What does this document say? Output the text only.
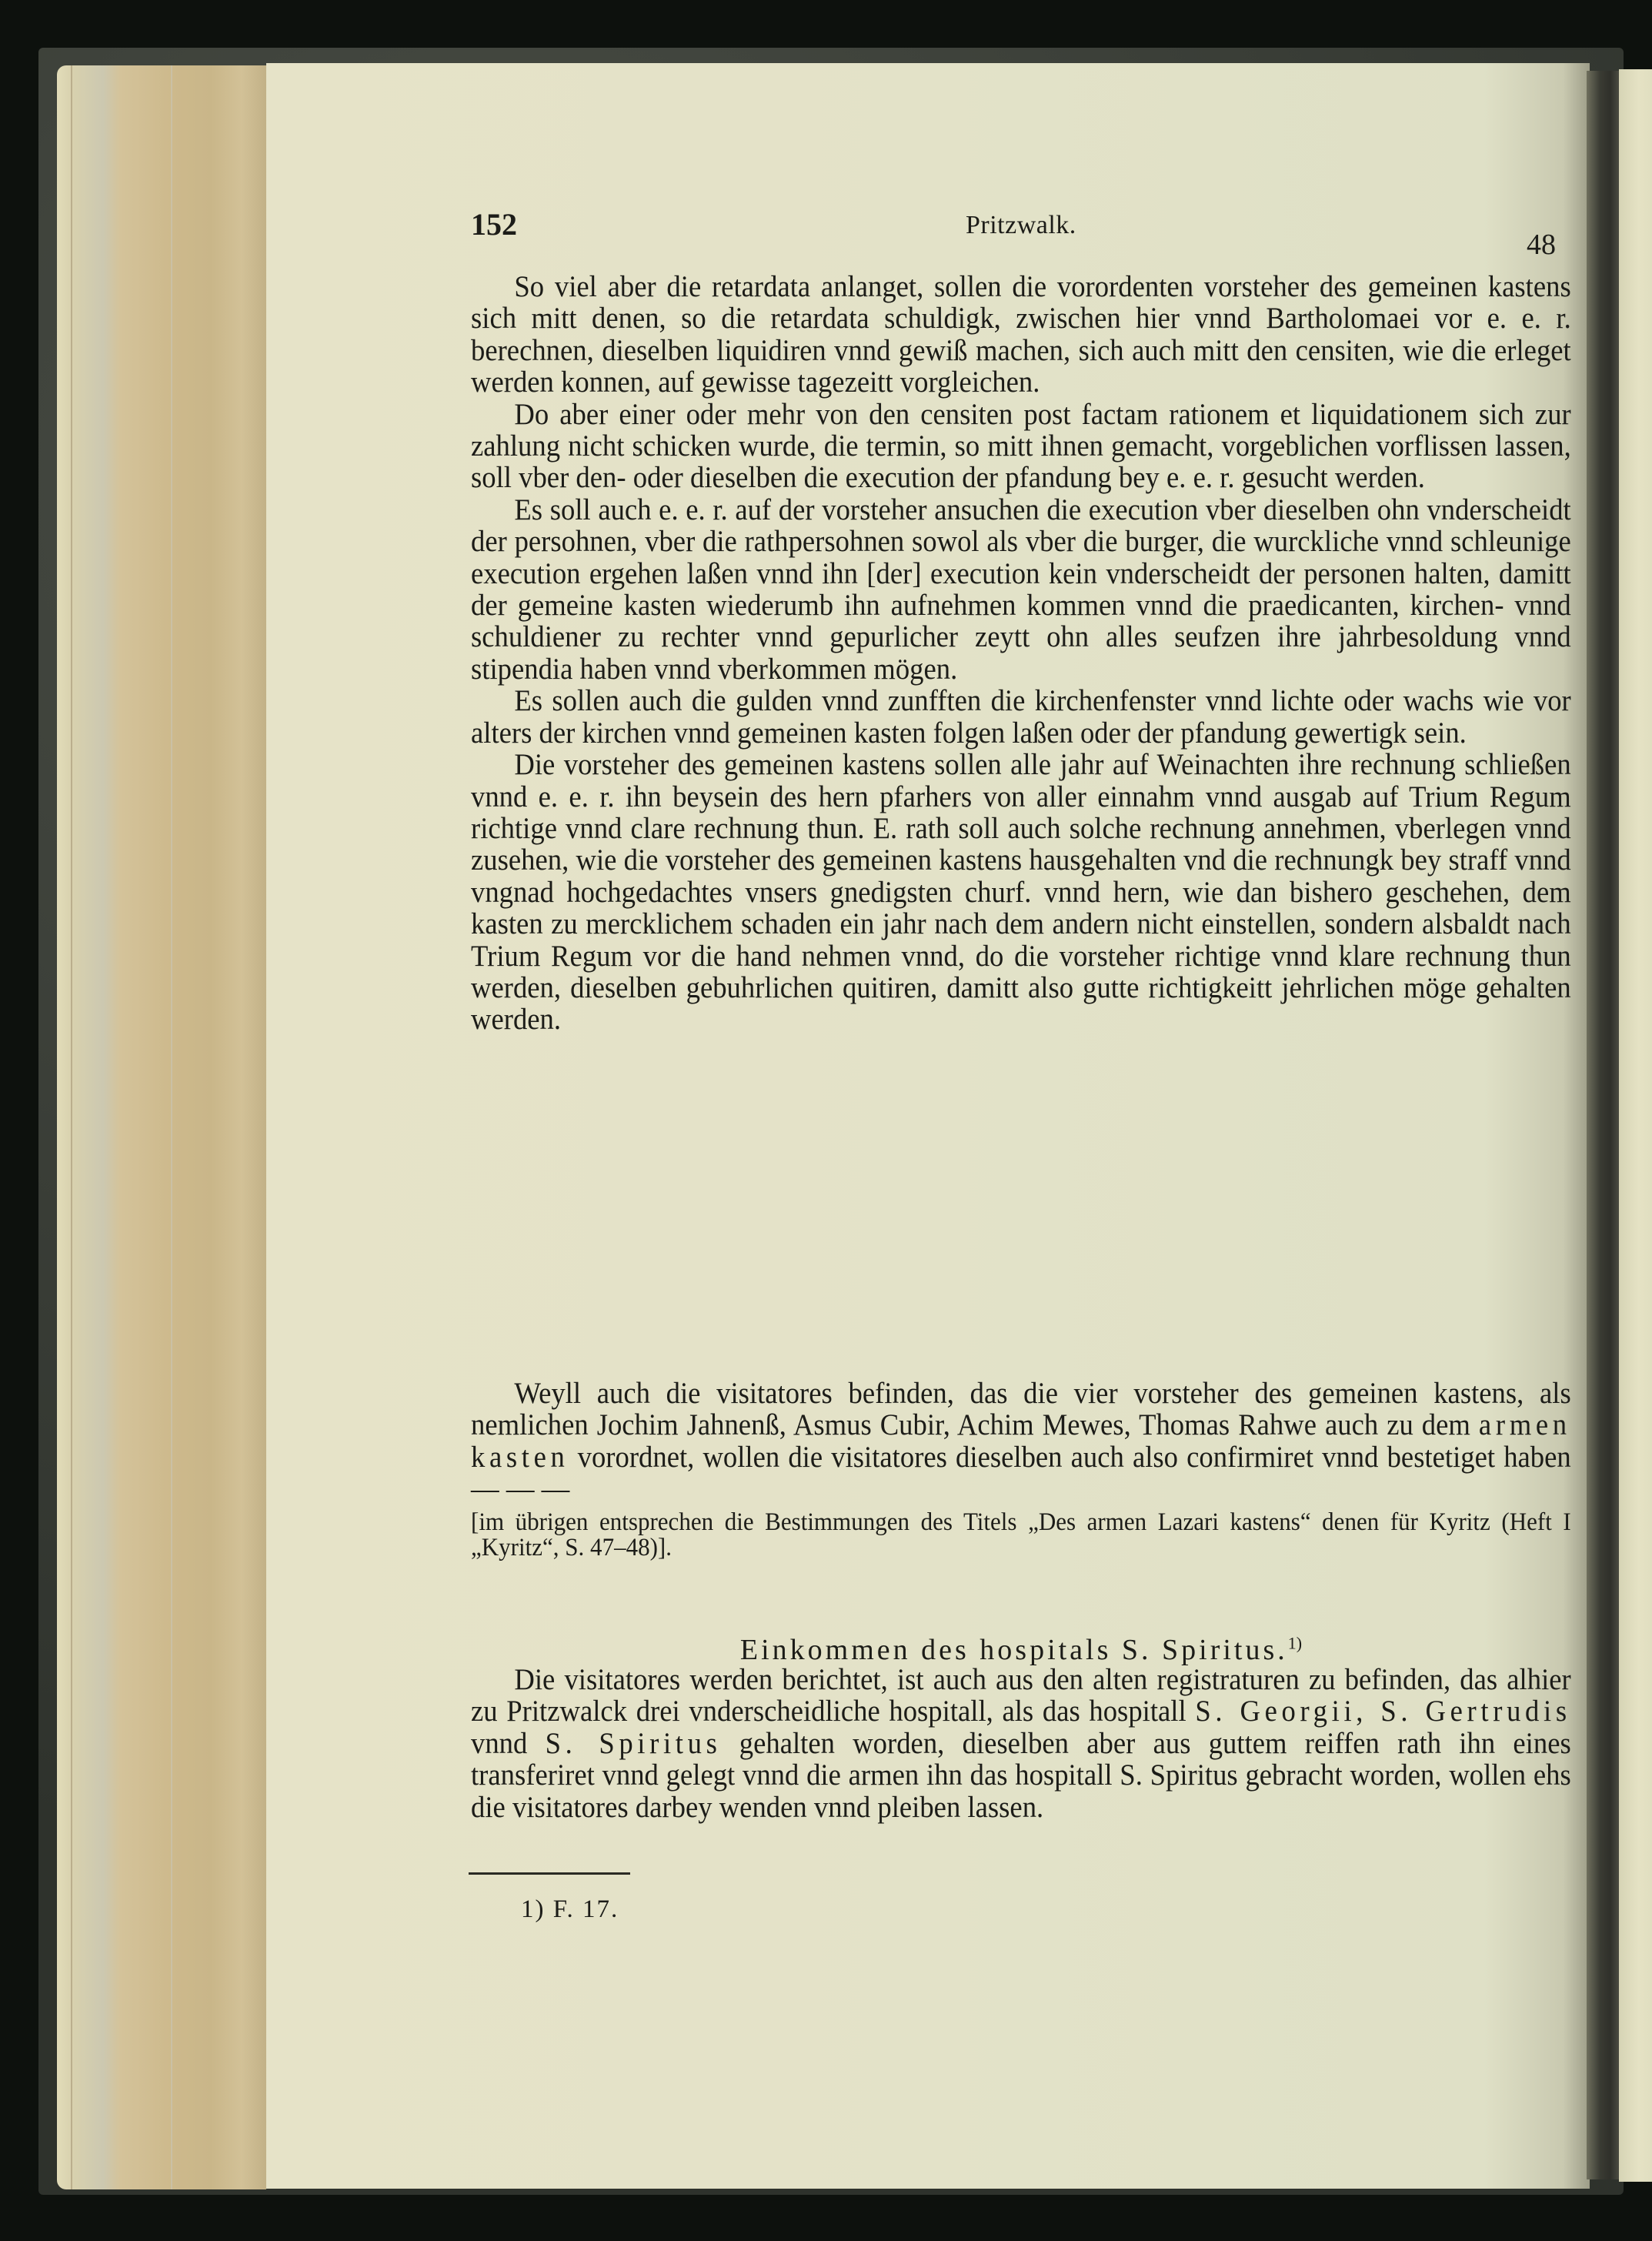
152	Pritzwalk.
48

So viel aber die retardata anlanget, sollen die vorordenten vorsteher des gemeinen kastens sich mitt denen, so die retardata schuldigk, zwischen hier vnnd Bartholomaei vor e. e. r. berechnen, dieselben liquidiren vnnd gewiß machen, sich auch mitt den censiten, wie die erleget werden konnen, auf gewisse tagezeitt vorgleichen.

Do aber einer oder mehr von den censiten post factam rationem et liquidationem sich zur zahlung nicht schicken wurde, die termin, so mitt ihnen gemacht, vorgeblichen vorflissen lassen, soll vber den- oder dieselben die execution der pfandung bey e. e. r. gesucht werden.

Es soll auch e. e. r. auf der vorsteher ansuchen die execution vber dieselben ohn vnderscheidt der persohnen, vber die rathpersohnen sowol als vber die burger, die wurckliche vnnd schleunige execution ergehen laßen vnnd ihn [der] execution kein vnderscheidt der personen halten, damitt der gemeine kasten wiederumb ihn aufnehmen kommen vnnd die praedicanten, kirchen- vnnd schuldiener zu rechter vnnd gepurlicher zeytt ohn alles seufzen ihre jahrbesoldung vnnd stipendia haben vnnd vberkommen mögen.

Es sollen auch die gulden vnnd zunfften die kirchenfenster vnnd lichte oder wachs wie vor alters der kirchen vnnd gemeinen kasten folgen laßen oder der pfandung gewertigk sein.

Die vorsteher des gemeinen kastens sollen alle jahr auf Weinachten ihre rechnung schließen vnnd e. e. r. ihn beysein des hern pfarhers von aller einnahm vnnd ausgab auf Trium Regum richtige vnnd clare rechnung thun. E. rath soll auch solche rechnung annehmen, vberlegen vnnd zusehen, wie die vorsteher des gemeinen kastens hausgehalten vnd die rechnungk bey straff vnnd vngnad hochgedachtes vnsers gnedigsten churf. vnnd hern, wie dan bishero geschehen, dem kasten zu mercklichem schaden ein jahr nach dem andern nicht einstellen, sondern alsbaldt nach Trium Regum vor die hand nehmen vnnd, do die vorsteher richtige vnnd klare rechnung thun werden, dieselben gebuhrlichen quitiren, damitt also gutte richtigkeitt jehrlichen möge gehalten werden.

Weyll auch die visitatores befinden, das die vier vorsteher des gemeinen kastens, als nemlichen Jochim Jahnenß, Asmus Cubir, Achim Mewes, Thomas Rahwe auch zu dem armen kasten vorordnet, wollen die visitatores dieselben auch also confirmiret vnnd bestetiget haben — — —

[im übrigen entsprechen die Bestimmungen des Titels „Des armen Lazari kastens“ denen für Kyritz (Heft I „Kyritz“, S. 47–48)].

Einkommen des hospitals S. Spiritus.$^{1)}$

Die visitatores werden berichtet, ist auch aus den alten registraturen zu befinden, das alhier zu Pritzwalck drei vnderscheidliche hospitall, als das hospitall S. Georgii, S. Gertrudis vnnd S. Spiritus gehalten worden, dieselben aber aus guttem reiffen rath ihn eines transferiret vnnd gelegt vnnd die armen ihn das hospitall S. Spiritus gebracht worden, wollen ehs die visitatores darbey wenden vnnd pleiben lassen.

1) F. 17.
